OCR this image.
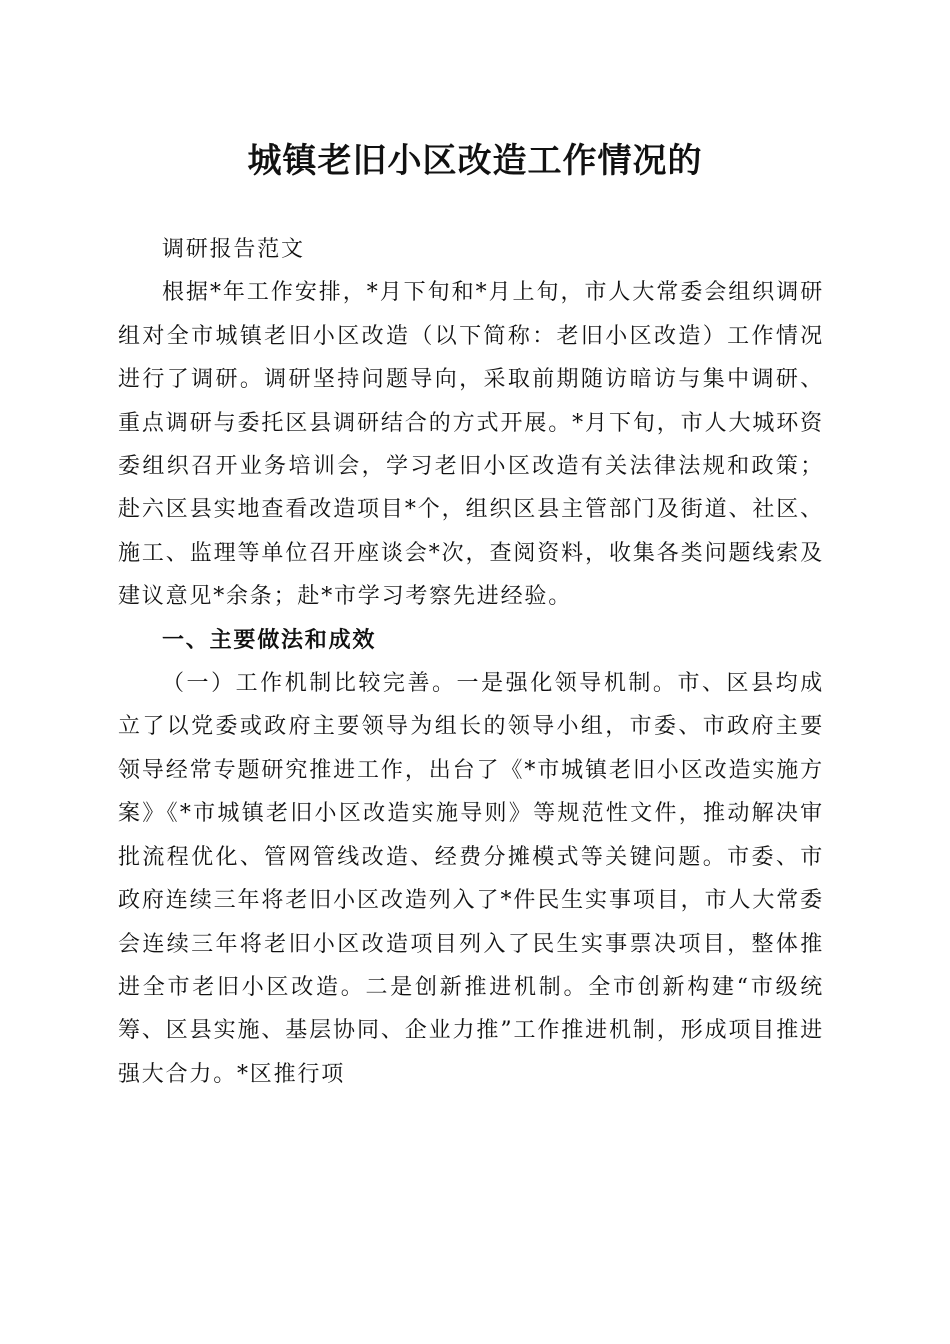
城镇老旧小区改造工作情况的

调研报告范文

根据*年工作安排，*月下旬和*月上旬，市人大常委会组织调研组对全市城镇老旧小区改造（以下简称：老旧小区改造）工作情况进行了调研。调研坚持问题导向，采取前期随访暗访与集中调研、重点调研与委托区县调研结合的方式开展。*月下旬，市人大城环资委组织召开业务培训会，学习老旧小区改造有关法律法规和政策；赴六区县实地查看改造项目*个，组织区县主管部门及街道、社区、施工、监理等单位召开座谈会*次，查阅资料，收集各类问题线索及建议意见*余条；赴*市学习考察先进经验。

一、主要做法和成效

（一）工作机制比较完善。一是强化领导机制。市、区县均成立了以党委或政府主要领导为组长的领导小组，市委、市政府主要领导经常专题研究推进工作，出台了《*市城镇老旧小区改造实施方案》《*市城镇老旧小区改造实施导则》等规范性文件，推动解决审批流程优化、管网管线改造、经费分摊模式等关键问题。市委、市政府连续三年将老旧小区改造列入了*件民生实事项目，市人大常委会连续三年将老旧小区改造项目列入了民生实事票决项目，整体推进全市老旧小区改造。二是创新推进机制。全市创新构建“市级统筹、区县实施、基层协同、企业力推”工作推进机制，形成项目推进强大合力。*区推行项
